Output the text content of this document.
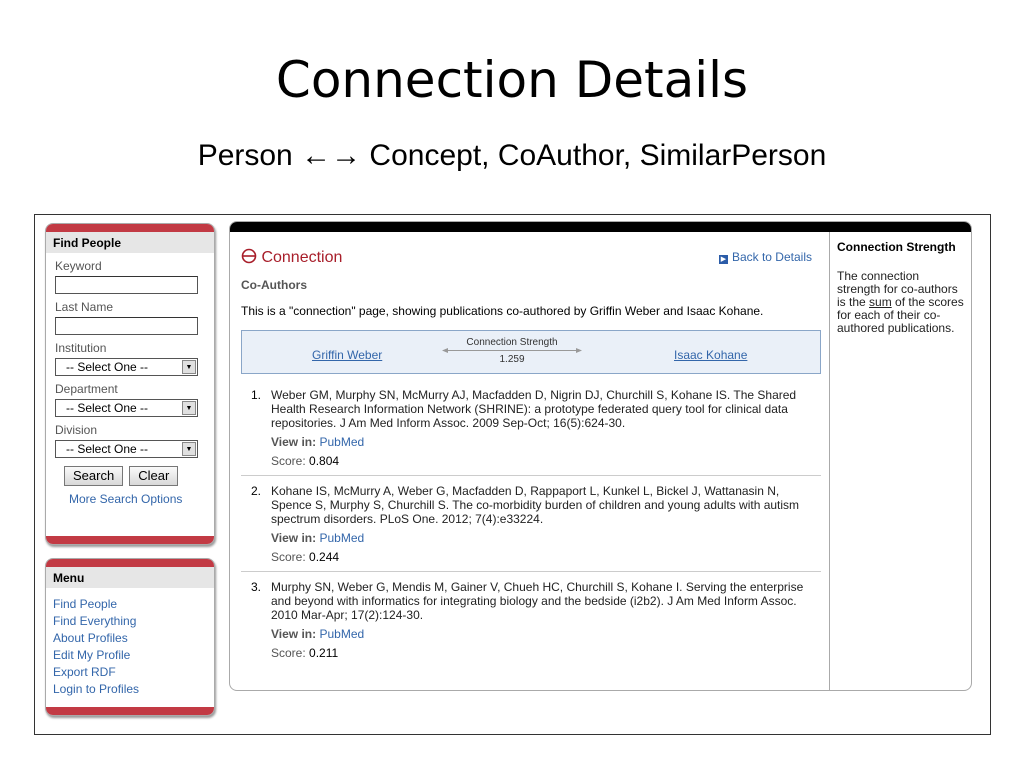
Connection Details
Person ←→ Concept, CoAuthor, SimilarPerson
Find People
Keyword
Last Name
Institution
-- Select One --	▼
Department
-- Select One --	▼
Division
-- Select One --	▼
Search Clear
More Search Options
Menu
Find People
Find Everything
About Profiles
Edit My Profile
Export RDF
Login to Profiles
Connection	▶ Back to Details
Co-Authors
This is a "connection" page, showing publications co-authored by Griffin Weber and Isaac Kohane.
Griffin Weber
Connection Strength
1.259	Isaac Kohane
1. Weber GM, Murphy SN, McMurry AJ, Macfadden D, Nigrin DJ, Churchill S, Kohane IS. The Shared Health Research Information Network (SHRINE): a prototype federated query tool for clinical data repositories. J Am Med Inform Assoc. 2009 Sep-Oct; 16(5):624-30.
View in: PubMed
Score: 0.804
2. Kohane IS, McMurry A, Weber G, Macfadden D, Rappaport L, Kunkel L, Bickel J, Wattanasin N, Spence S, Murphy S, Churchill S. The co-morbidity burden of children and young adults with autism spectrum disorders. PLoS One. 2012; 7(4):e33224.
View in: PubMed
Score: 0.244
3. Murphy SN, Weber G, Mendis M, Gainer V, Chueh HC, Churchill S, Kohane I. Serving the enterprise and beyond with informatics for integrating biology and the bedside (i2b2). J Am Med Inform Assoc. 2010 Mar-Apr; 17(2):124-30.
View in: PubMed
Score: 0.211
Connection Strength
The connection strength for co-authors is the sum of the scores for each of their co-authored publications.
